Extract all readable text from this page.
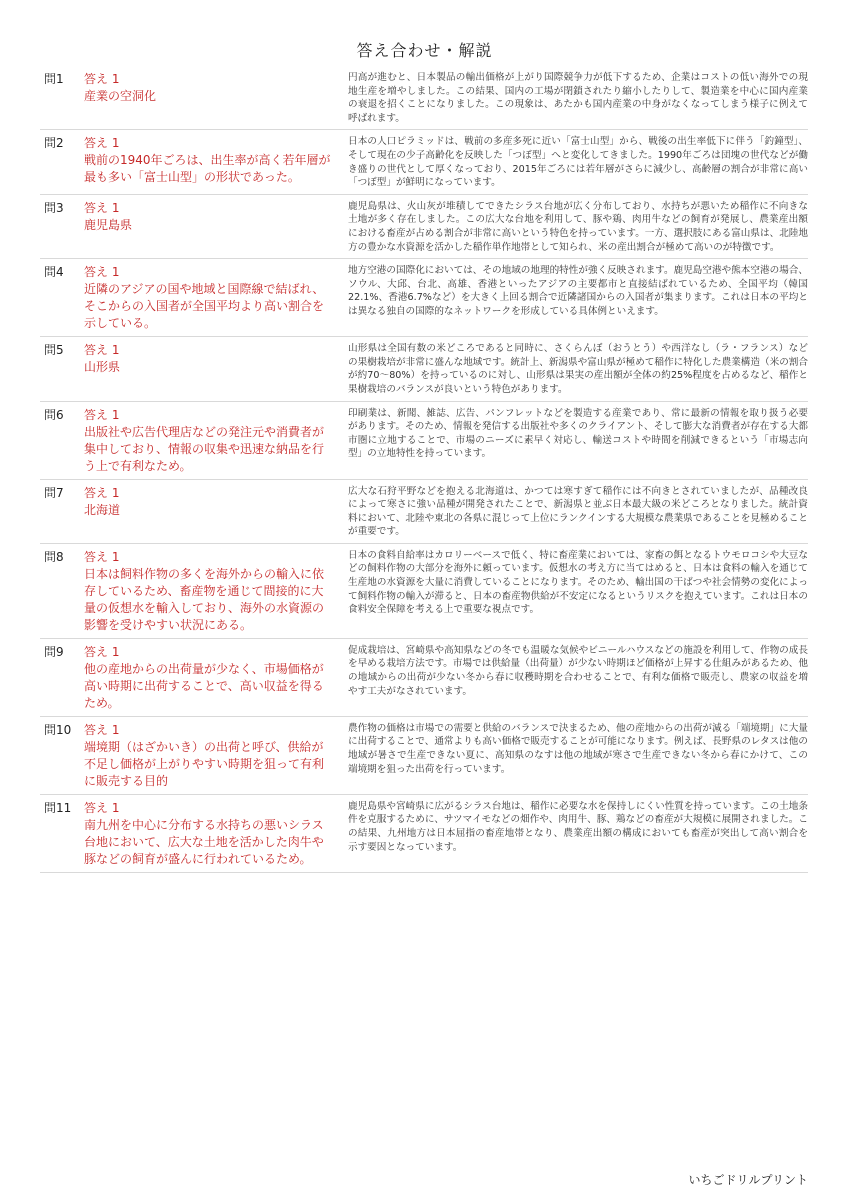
答え合わせ・解説
問1	答え 1
産業の空洞化
円高が進むと、日本製品の輸出価格が上がり国際競争力が低下するため、企業はコストの低い海外での現地生産を増やしました。この結果、国内の工場が閉鎖されたり縮小したりして、製造業を中心に国内産業の衰退を招くことになりました。この現象は、あたかも国内産業の中身がなくなってしまう様子に例えて呼ばれます。
問2	答え 1
戦前の1940年ごろは、出生率が高く若年層が最も多い「富士山型」の形状であった。
日本の人口ピラミッドは、戦前の多産多死に近い「富士山型」から、戦後の出生率低下に伴う「釣鐘型」、そして現在の少子高齢化を反映した「つぼ型」へと変化してきました。1990年ごろは団塊の世代などが働き盛りの世代として厚くなっており、2015年ごろには若年層がさらに減少し、高齢層の割合が非常に高い「つぼ型」が鮮明になっています。
問3	答え 1
鹿児島県
鹿児島県は、火山灰が堆積してできたシラス台地が広く分布しており、水持ちが悪いため稲作に不向きな土地が多く存在しました。この広大な台地を利用して、豚や鶏、肉用牛などの飼育が発展し、農業産出額における畜産が占める割合が非常に高いという特色を持っています。一方、選択肢にある富山県は、北陸地方の豊かな水資源を活かした稲作単作地帯として知られ、米の産出割合が極めて高いのが特徴です。
問4	答え 1
近隣のアジアの国や地域と国際線で結ばれ、そこからの入国者が全国平均より高い割合を示している。
地方空港の国際化においては、その地域の地理的特性が強く反映されます。鹿児島空港や熊本空港の場合、ソウル、大邱、台北、高雄、香港といったアジアの主要都市と直接結ばれているため、全国平均（韓国22.1%、香港6.7%など）を大きく上回る割合で近隣諸国からの入国者が集まります。これは日本の平均とは異なる独自の国際的なネットワークを形成している具体例といえます。
問5	答え 1
山形県
山形県は全国有数の米どころであると同時に、さくらんぼ（おうとう）や西洋なし（ラ・フランス）などの果樹栽培が非常に盛んな地域です。統計上、新潟県や富山県が極めて稲作に特化した農業構造（米の割合が約70〜80%）を持っているのに対し、山形県は果実の産出額が全体の約25%程度を占めるなど、稲作と果樹栽培のバランスが良いという特色があります。
問6	答え 1
出版社や広告代理店などの発注元や消費者が集中しており、情報の収集や迅速な納品を行う上で有利なため。
印刷業は、新聞、雑誌、広告、パンフレットなどを製造する産業であり、常に最新の情報を取り扱う必要があります。そのため、情報を発信する出版社や多くのクライアント、そして膨大な消費者が存在する大都市圏に立地することで、市場のニーズに素早く対応し、輸送コストや時間を削減できるという「市場志向型」の立地特性を持っています。
問7	答え 1
北海道
広大な石狩平野などを抱える北海道は、かつては寒すぎて稲作には不向きとされていましたが、品種改良によって寒さに強い品種が開発されたことで、新潟県と並ぶ日本最大級の米どころとなりました。統計資料において、北陸や東北の各県に混じって上位にランクインする大規模な農業県であることを見極めることが重要です。
問8	答え 1
日本は飼料作物の多くを海外からの輸入に依存しているため、畜産物を通じて間接的に大量の仮想水を輸入しており、海外の水資源の影響を受けやすい状況にある。
日本の食料自給率はカロリーベースで低く、特に畜産業においては、家畜の餌となるトウモロコシや大豆などの飼料作物の大部分を海外に頼っています。仮想水の考え方に当てはめると、日本は食料の輸入を通じて生産地の水資源を大量に消費していることになります。そのため、輸出国の干ばつや社会情勢の変化によって飼料作物の輸入が滞ると、日本の畜産物供給が不安定になるというリスクを抱えています。これは日本の食料安全保障を考える上で重要な視点です。
問9	答え 1
他の産地からの出荷量が少なく、市場価格が高い時期に出荷することで、高い収益を得るため。
促成栽培は、宮崎県や高知県などの冬でも温暖な気候やビニールハウスなどの施設を利用して、作物の成長を早める栽培方法です。市場では供給量（出荷量）が少ない時期ほど価格が上昇する仕組みがあるため、他の地域からの出荷が少ない冬から春に収穫時期を合わせることで、有利な価格で販売し、農家の収益を増やす工夫がなされています。
問10	答え 1
端境期（はざかいき）の出荷と呼び、供給が不足し価格が上がりやすい時期を狙って有利に販売する目的
農作物の価格は市場での需要と供給のバランスで決まるため、他の産地からの出荷が減る「端境期」に大量に出荷することで、通常よりも高い価格で販売することが可能になります。例えば、長野県のレタスは他の地域が暑さで生産できない夏に、高知県のなすは他の地域が寒さで生産できない冬から春にかけて、この端境期を狙った出荷を行っています。
問11	答え 1
南九州を中心に分布する水持ちの悪いシラス台地において、広大な土地を活かした肉牛や豚などの飼育が盛んに行われているため。
鹿児島県や宮崎県に広がるシラス台地は、稲作に必要な水を保持しにくい性質を持っています。この土地条件を克服するために、サツマイモなどの畑作や、肉用牛、豚、鶏などの畜産が大規模に展開されました。この結果、九州地方は日本屈指の畜産地帯となり、農業産出額の構成においても畜産が突出して高い割合を示す要因となっています。
いちごドリルプリント
